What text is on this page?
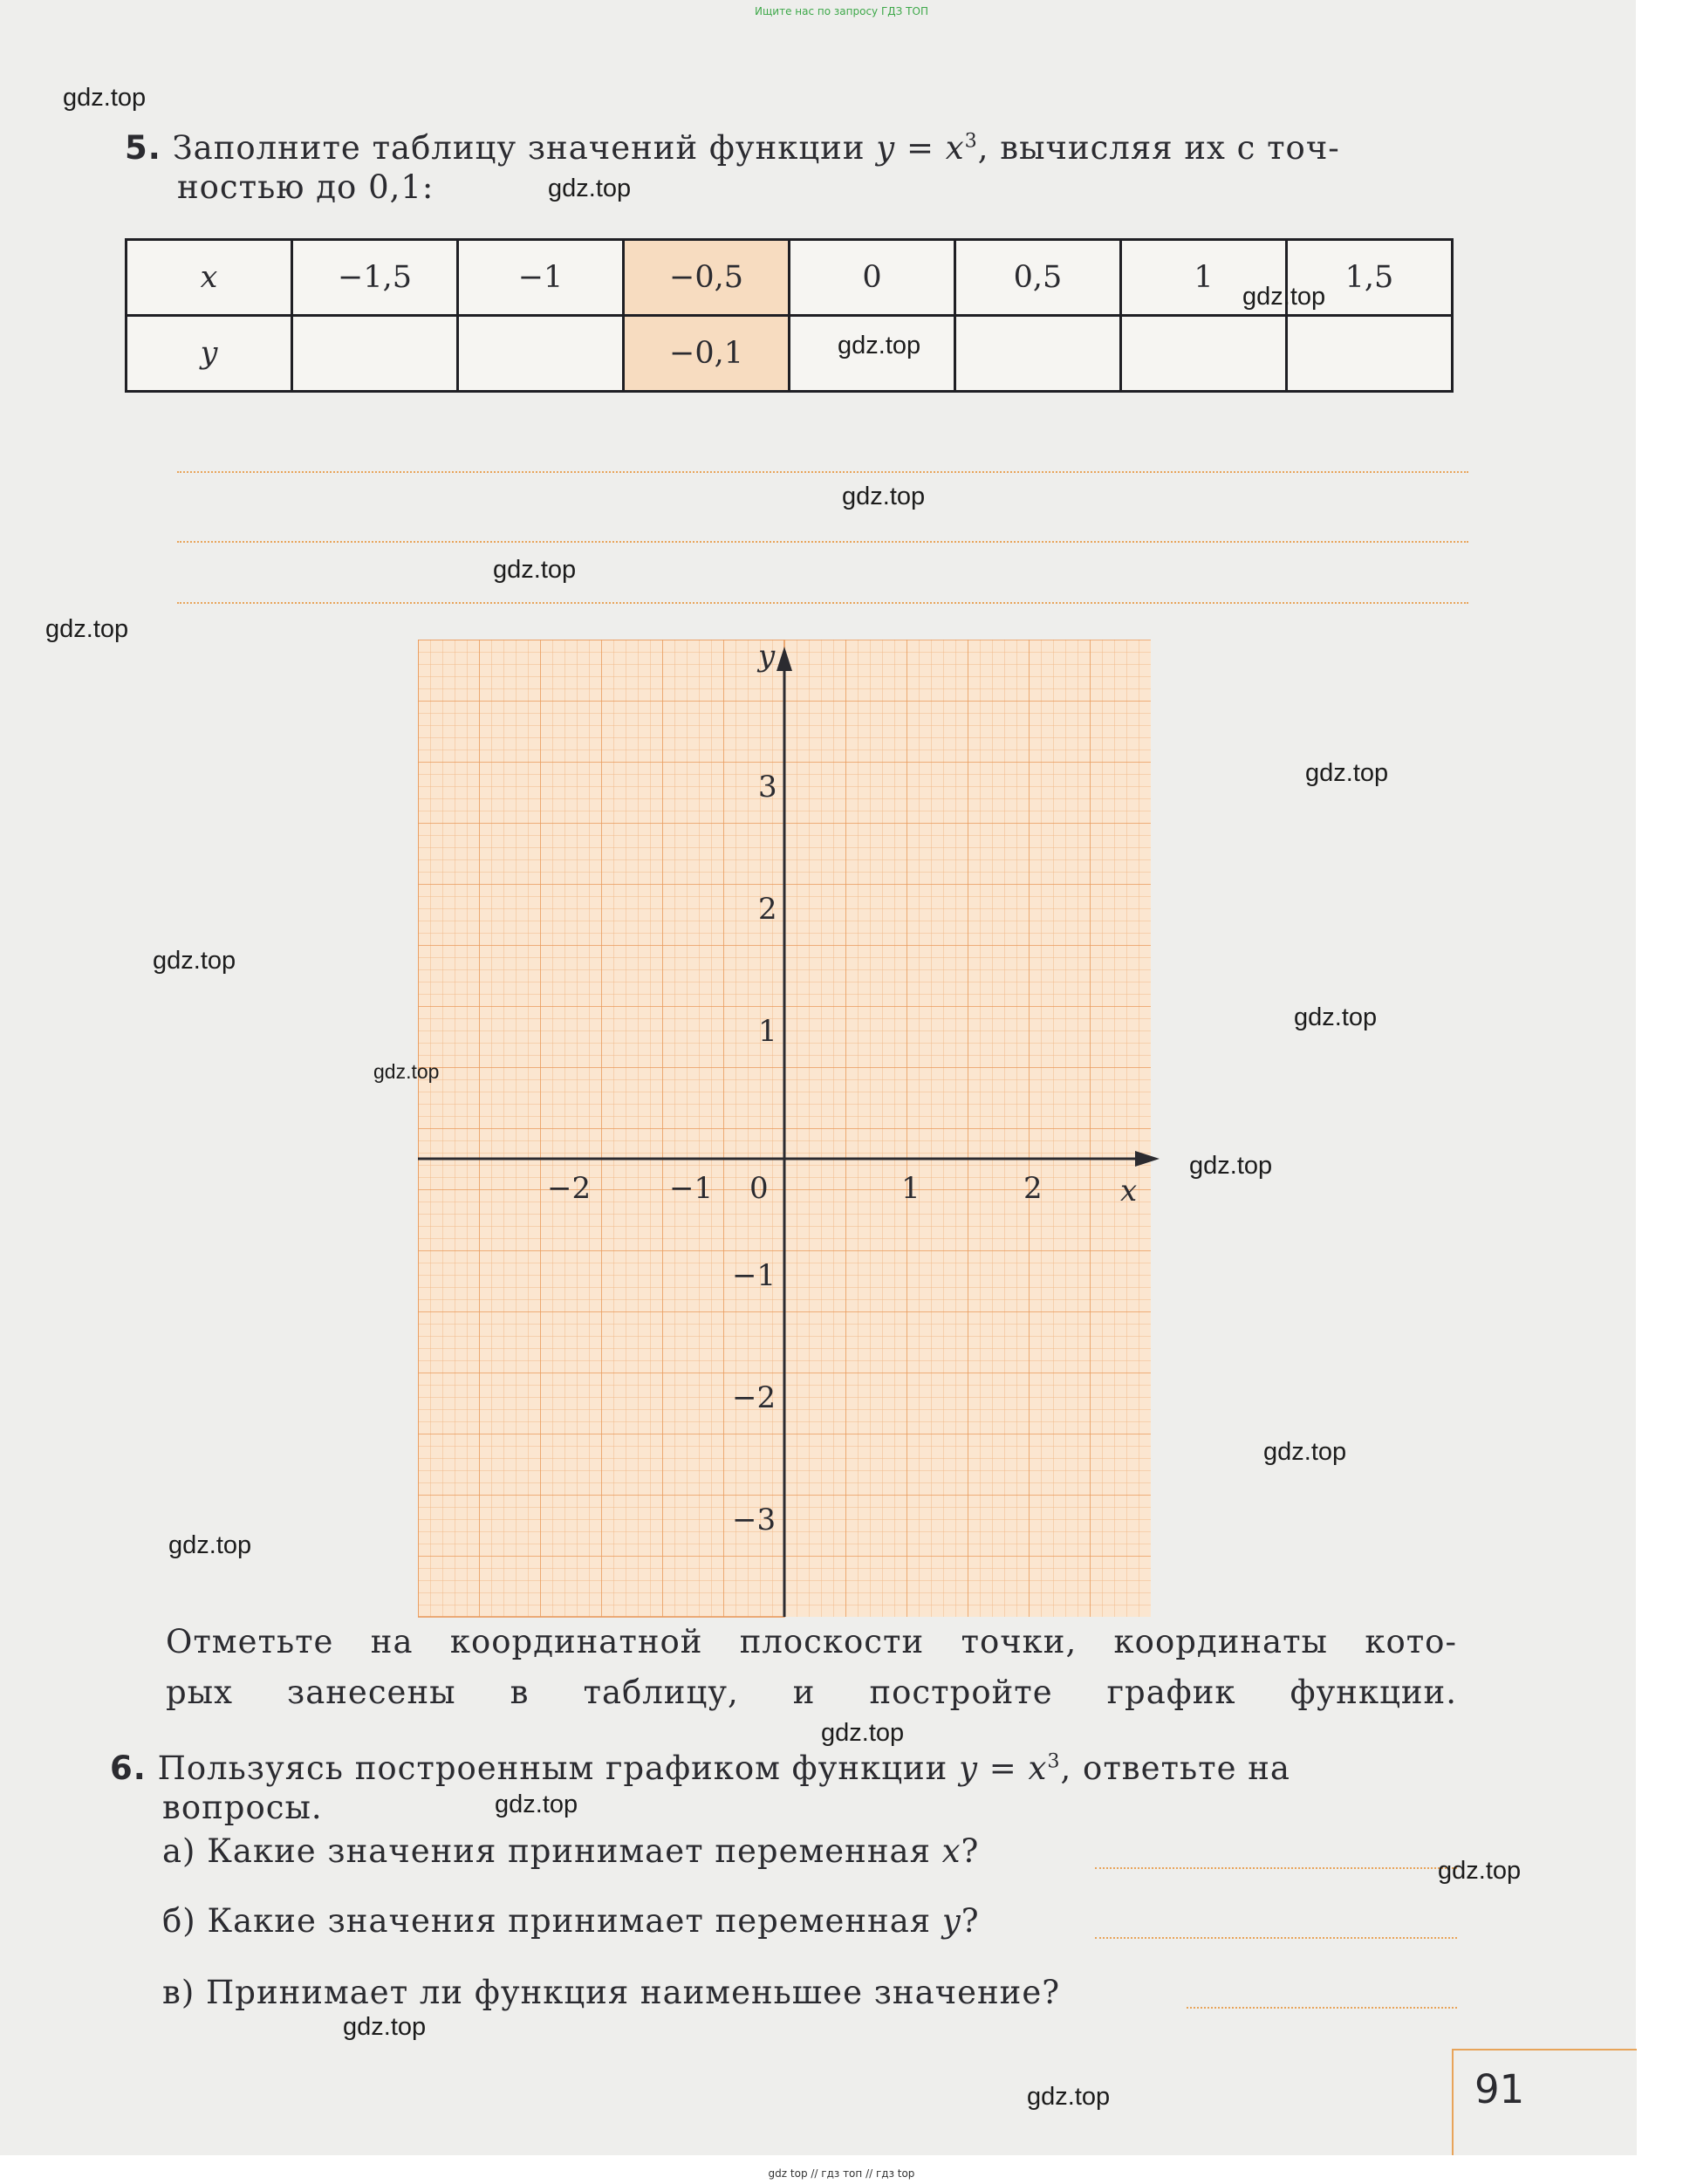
Ищите нас по запросу ГДЗ ТОП
5. Заполните таблицу значений функции $y = x^3$, вычисляя их с точ-
ностью до 0,1:
x	−1,5	−1	−0,5	0	0,5	1	1,5
y			−0,1				
−2	−1 0	1	2	x
3
2
1
−1
−2
−3
y
Отметьте на координатной плоскости точки, координаты кото-
рых занесены в таблицу, и постройте график функции.
6. Пользуясь построенным графиком функции $y = x^3$, ответьте на
вопросы.
а) Какие значения принимает переменная x?
б) Какие значения принимает переменная y?
в) Принимает ли функция наименьшее значение?
91
gdz.top
gdz.top
gdz.top
gdz.top
gdz.top
gdz.top
gdz.top
gdz.top
gdz.top
gdz.top
gdz.top
gdz.top
gdz.top
gdz.top
gdz.top
gdz.top
gdz.top
gdz.top
gdz.top
gdz top // гдз топ // гдз top
